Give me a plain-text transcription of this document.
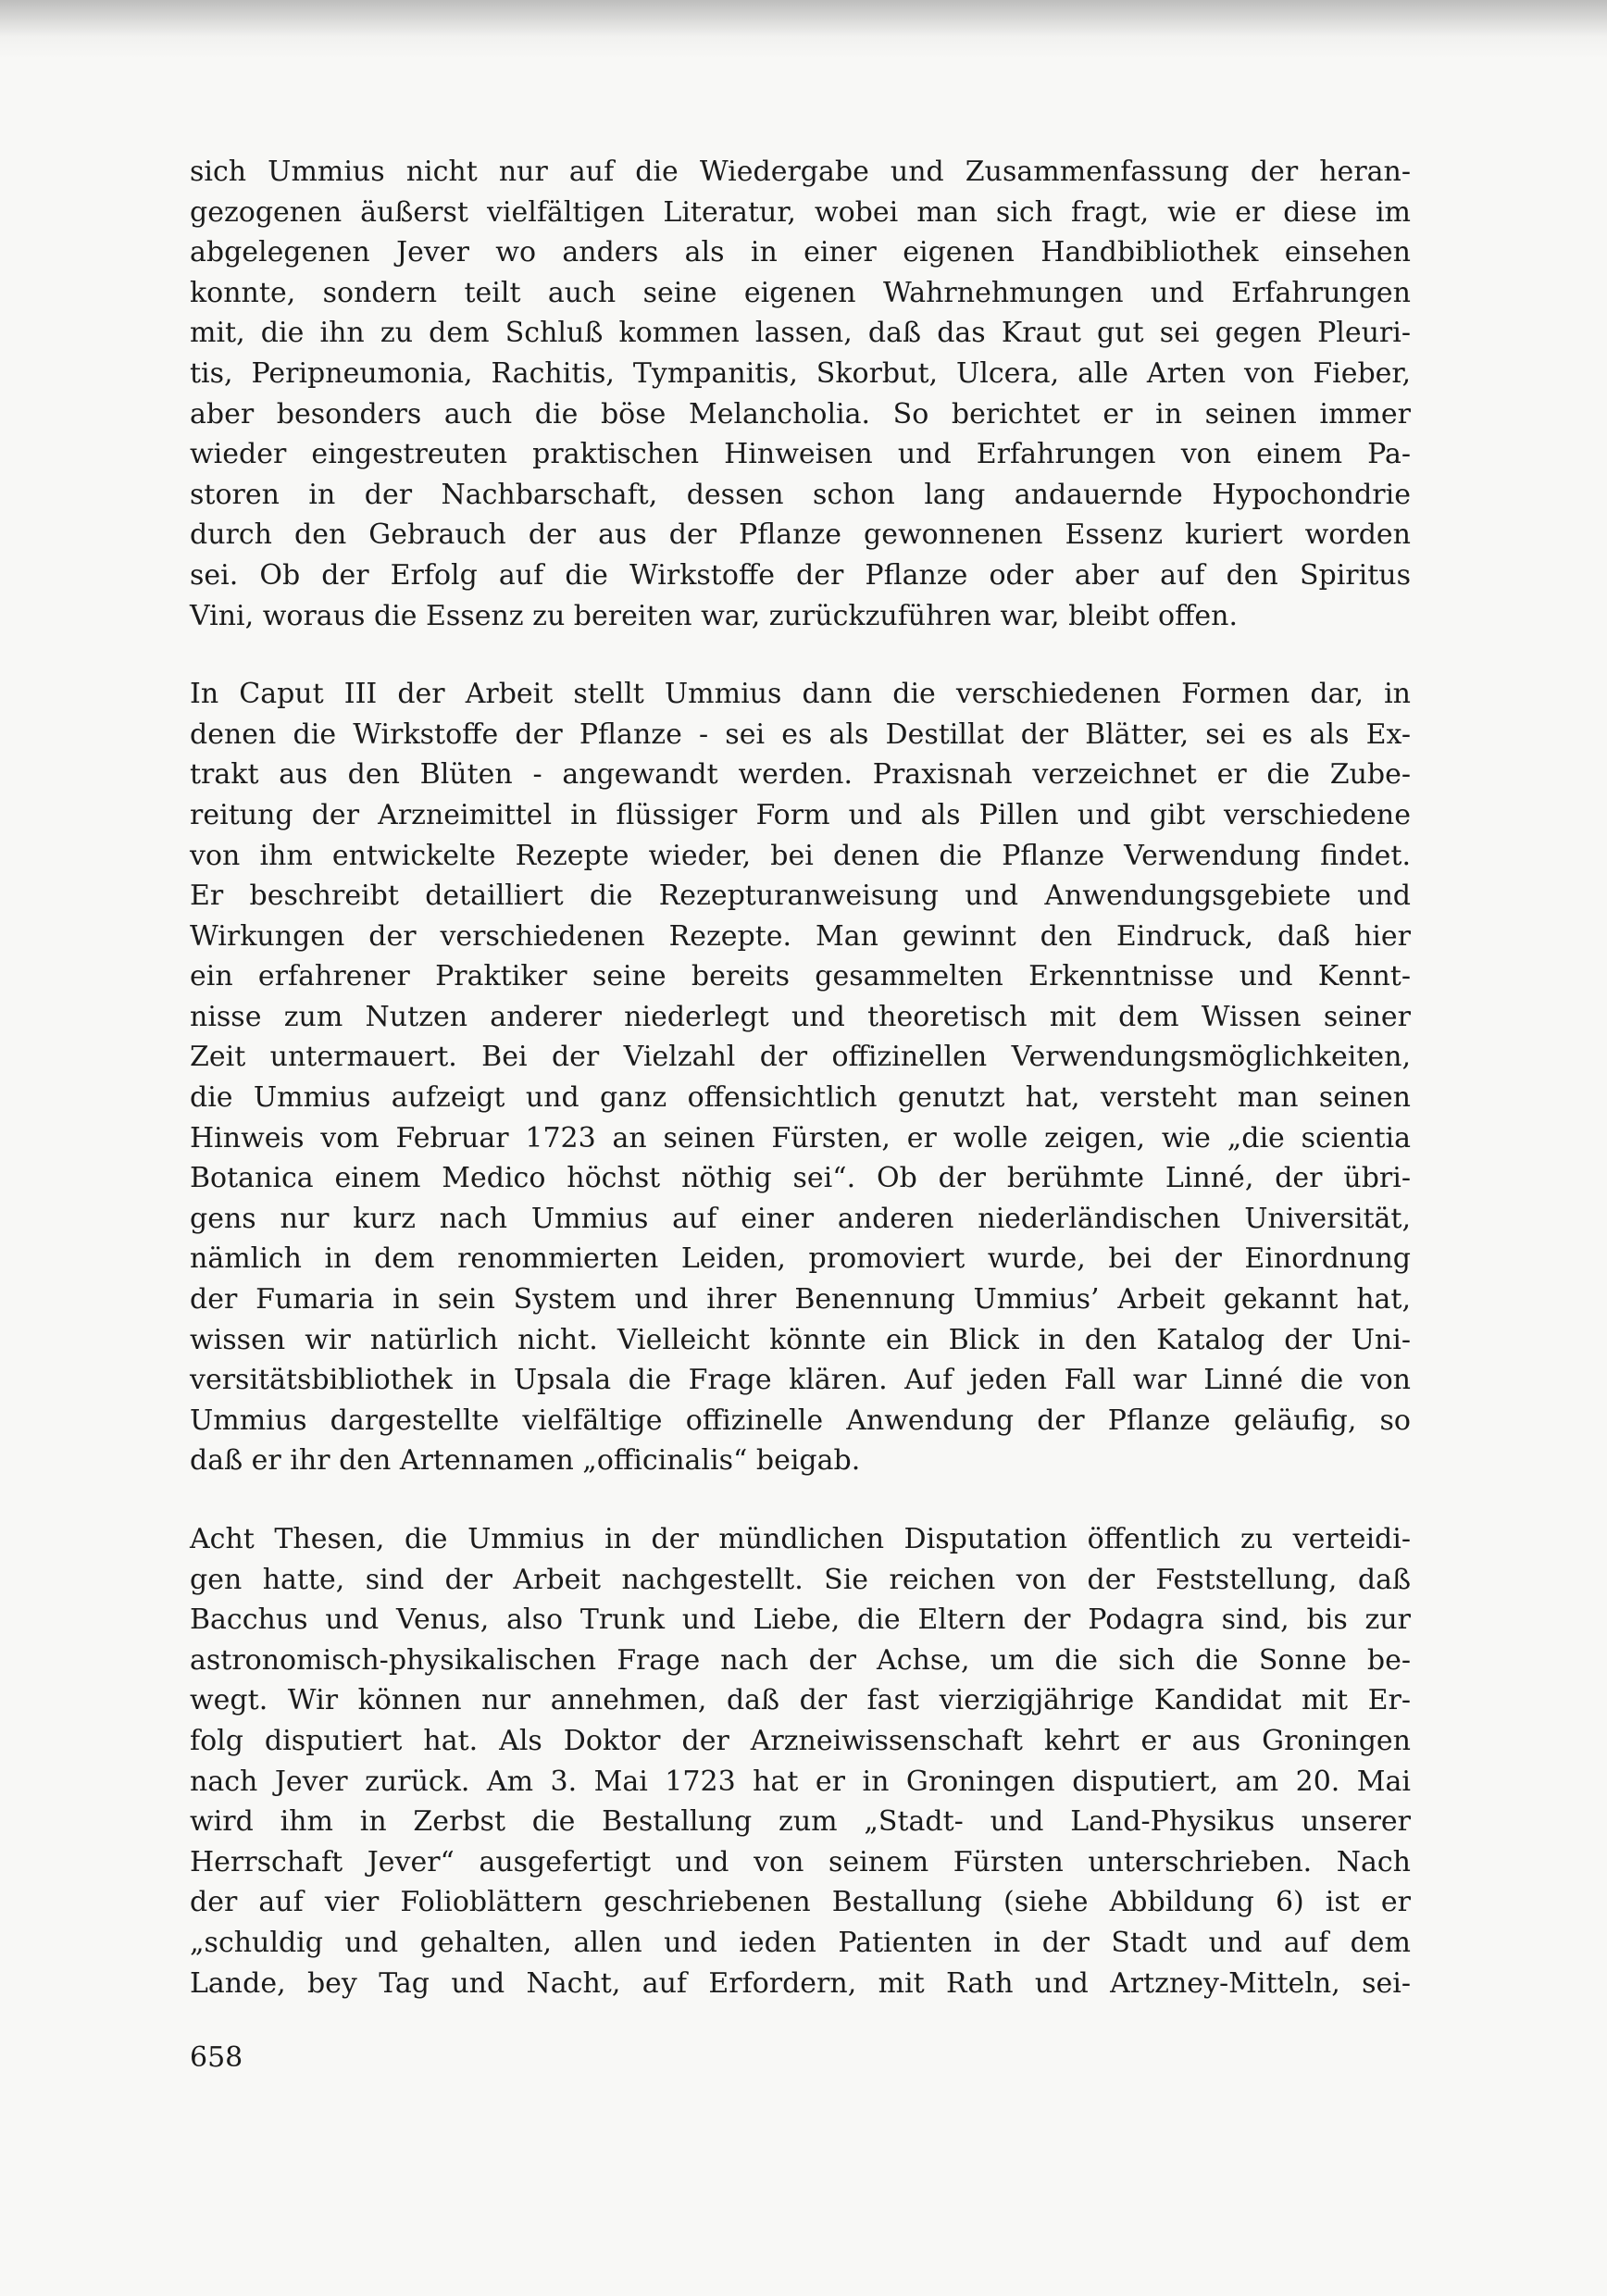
sich Ummius nicht nur auf die Wiedergabe und Zusammenfassung der heran-
gezogenen äußerst vielfältigen Literatur, wobei man sich fragt, wie er diese im
abgelegenen Jever wo anders als in einer eigenen Handbibliothek einsehen
konnte, sondern teilt auch seine eigenen Wahrnehmungen und Erfahrungen
mit, die ihn zu dem Schluß kommen lassen, daß das Kraut gut sei gegen Pleuri-
tis, Peripneumonia, Rachitis, Tympanitis, Skorbut, Ulcera, alle Arten von Fieber,
aber besonders auch die böse Melancholia. So berichtet er in seinen immer
wieder eingestreuten praktischen Hinweisen und Erfahrungen von einem Pa-
storen in der Nachbarschaft, dessen schon lang andauernde Hypochondrie
durch den Gebrauch der aus der Pflanze gewonnenen Essenz kuriert worden
sei. Ob der Erfolg auf die Wirkstoffe der Pflanze oder aber auf den Spiritus
Vini, woraus die Essenz zu bereiten war, zurückzuführen war, bleibt offen.
In Caput III der Arbeit stellt Ummius dann die verschiedenen Formen dar, in
denen die Wirkstoffe der Pflanze - sei es als Destillat der Blätter, sei es als Ex-
trakt aus den Blüten - angewandt werden. Praxisnah verzeichnet er die Zube-
reitung der Arzneimittel in flüssiger Form und als Pillen und gibt verschiedene
von ihm entwickelte Rezepte wieder, bei denen die Pflanze Verwendung findet.
Er beschreibt detailliert die Rezepturanweisung und Anwendungsgebiete und
Wirkungen der verschiedenen Rezepte. Man gewinnt den Eindruck, daß hier
ein erfahrener Praktiker seine bereits gesammelten Erkenntnisse und Kennt-
nisse zum Nutzen anderer niederlegt und theoretisch mit dem Wissen seiner
Zeit untermauert. Bei der Vielzahl der offizinellen Verwendungsmöglichkeiten,
die Ummius aufzeigt und ganz offensichtlich genutzt hat, versteht man seinen
Hinweis vom Februar 1723 an seinen Fürsten, er wolle zeigen, wie „die scientia
Botanica einem Medico höchst nöthig sei“. Ob der berühmte Linné, der übri-
gens nur kurz nach Ummius auf einer anderen niederländischen Universität,
nämlich in dem renommierten Leiden, promoviert wurde, bei der Einordnung
der Fumaria in sein System und ihrer Benennung Ummius’ Arbeit gekannt hat,
wissen wir natürlich nicht. Vielleicht könnte ein Blick in den Katalog der Uni-
versitätsbibliothek in Upsala die Frage klären. Auf jeden Fall war Linné die von
Ummius dargestellte vielfältige offizinelle Anwendung der Pflanze geläufig, so
daß er ihr den Artennamen „officinalis“ beigab.
Acht Thesen, die Ummius in der mündlichen Disputation öffentlich zu verteidi-
gen hatte, sind der Arbeit nachgestellt. Sie reichen von der Feststellung, daß
Bacchus und Venus, also Trunk und Liebe, die Eltern der Podagra sind, bis zur
astronomisch-physikalischen Frage nach der Achse, um die sich die Sonne be-
wegt. Wir können nur annehmen, daß der fast vierzigjährige Kandidat mit Er-
folg disputiert hat. Als Doktor der Arzneiwissenschaft kehrt er aus Groningen
nach Jever zurück. Am 3. Mai 1723 hat er in Groningen disputiert, am 20. Mai
wird ihm in Zerbst die Bestallung zum „Stadt- und Land-Physikus unserer
Herrschaft Jever“ ausgefertigt und von seinem Fürsten unterschrieben. Nach
der auf vier Folioblättern geschriebenen Bestallung (siehe Abbildung 6) ist er
„schuldig und gehalten, allen und ieden Patienten in der Stadt und auf dem
Lande, bey Tag und Nacht, auf Erfordern, mit Rath und Artzney-Mitteln, sei-
658
